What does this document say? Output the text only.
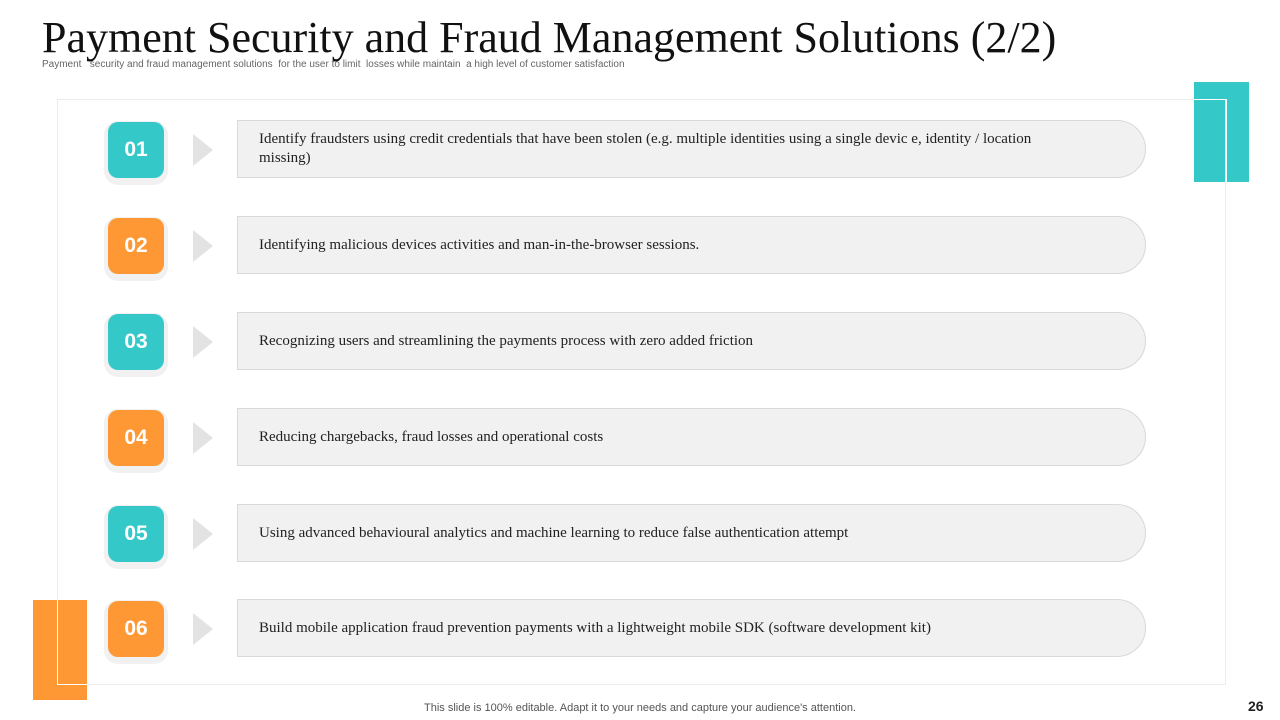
Payment Security and Fraud Management Solutions (2/2)
Payment   security and fraud management solutions  for the user to limit  losses while maintain  a high level of customer satisfaction
01	Identify fraudsters using credit credentials that have been stolen (e.g. multiple identities using a single devic e, identity / location missing)
02	Identifying malicious devices activities and man-in-the-browser sessions.
03	Recognizing users and streamlining the payments process with zero added friction
04	Reducing chargebacks, fraud losses and operational costs
05	Using advanced behavioural analytics and machine learning to reduce false authentication attempt
06	Build mobile application fraud prevention payments with a lightweight mobile SDK (software development kit)
This slide is 100% editable. Adapt it to your needs and capture your audience's attention.	26
